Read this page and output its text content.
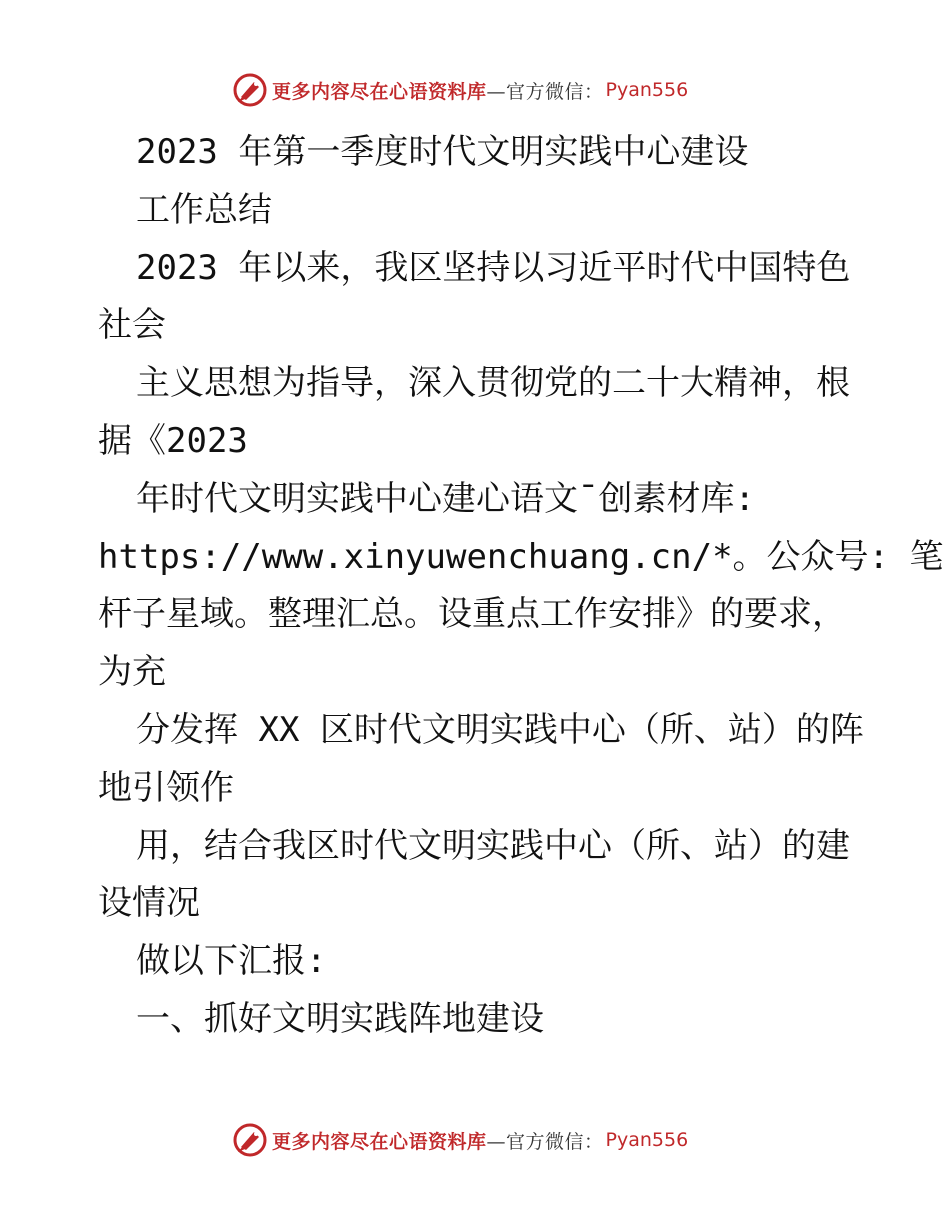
更多内容尽在心语资料库 —官方微信： Pyan556
2023 年第一季度时代文明实践中心建设
工作总结
2023 年以来，我区坚持以习近平时代中国特色
社会
主义思想为指导，深入贯彻党的二十大精神，根
据《2023
年时代文明实践中心建心语文¯创素材库:
https://www.xinyuwenchuang.cn/*。公众号: 笔
杆子星域。整理汇总。设重点工作安排》的要求，
为充
分发挥 XX 区时代文明实践中心（所、站）的阵
地引领作
用，结合我区时代文明实践中心（所、站）的建
设情况
做以下汇报:
一、抓好文明实践阵地建设
更多内容尽在心语资料库 —官方微信： Pyan556
